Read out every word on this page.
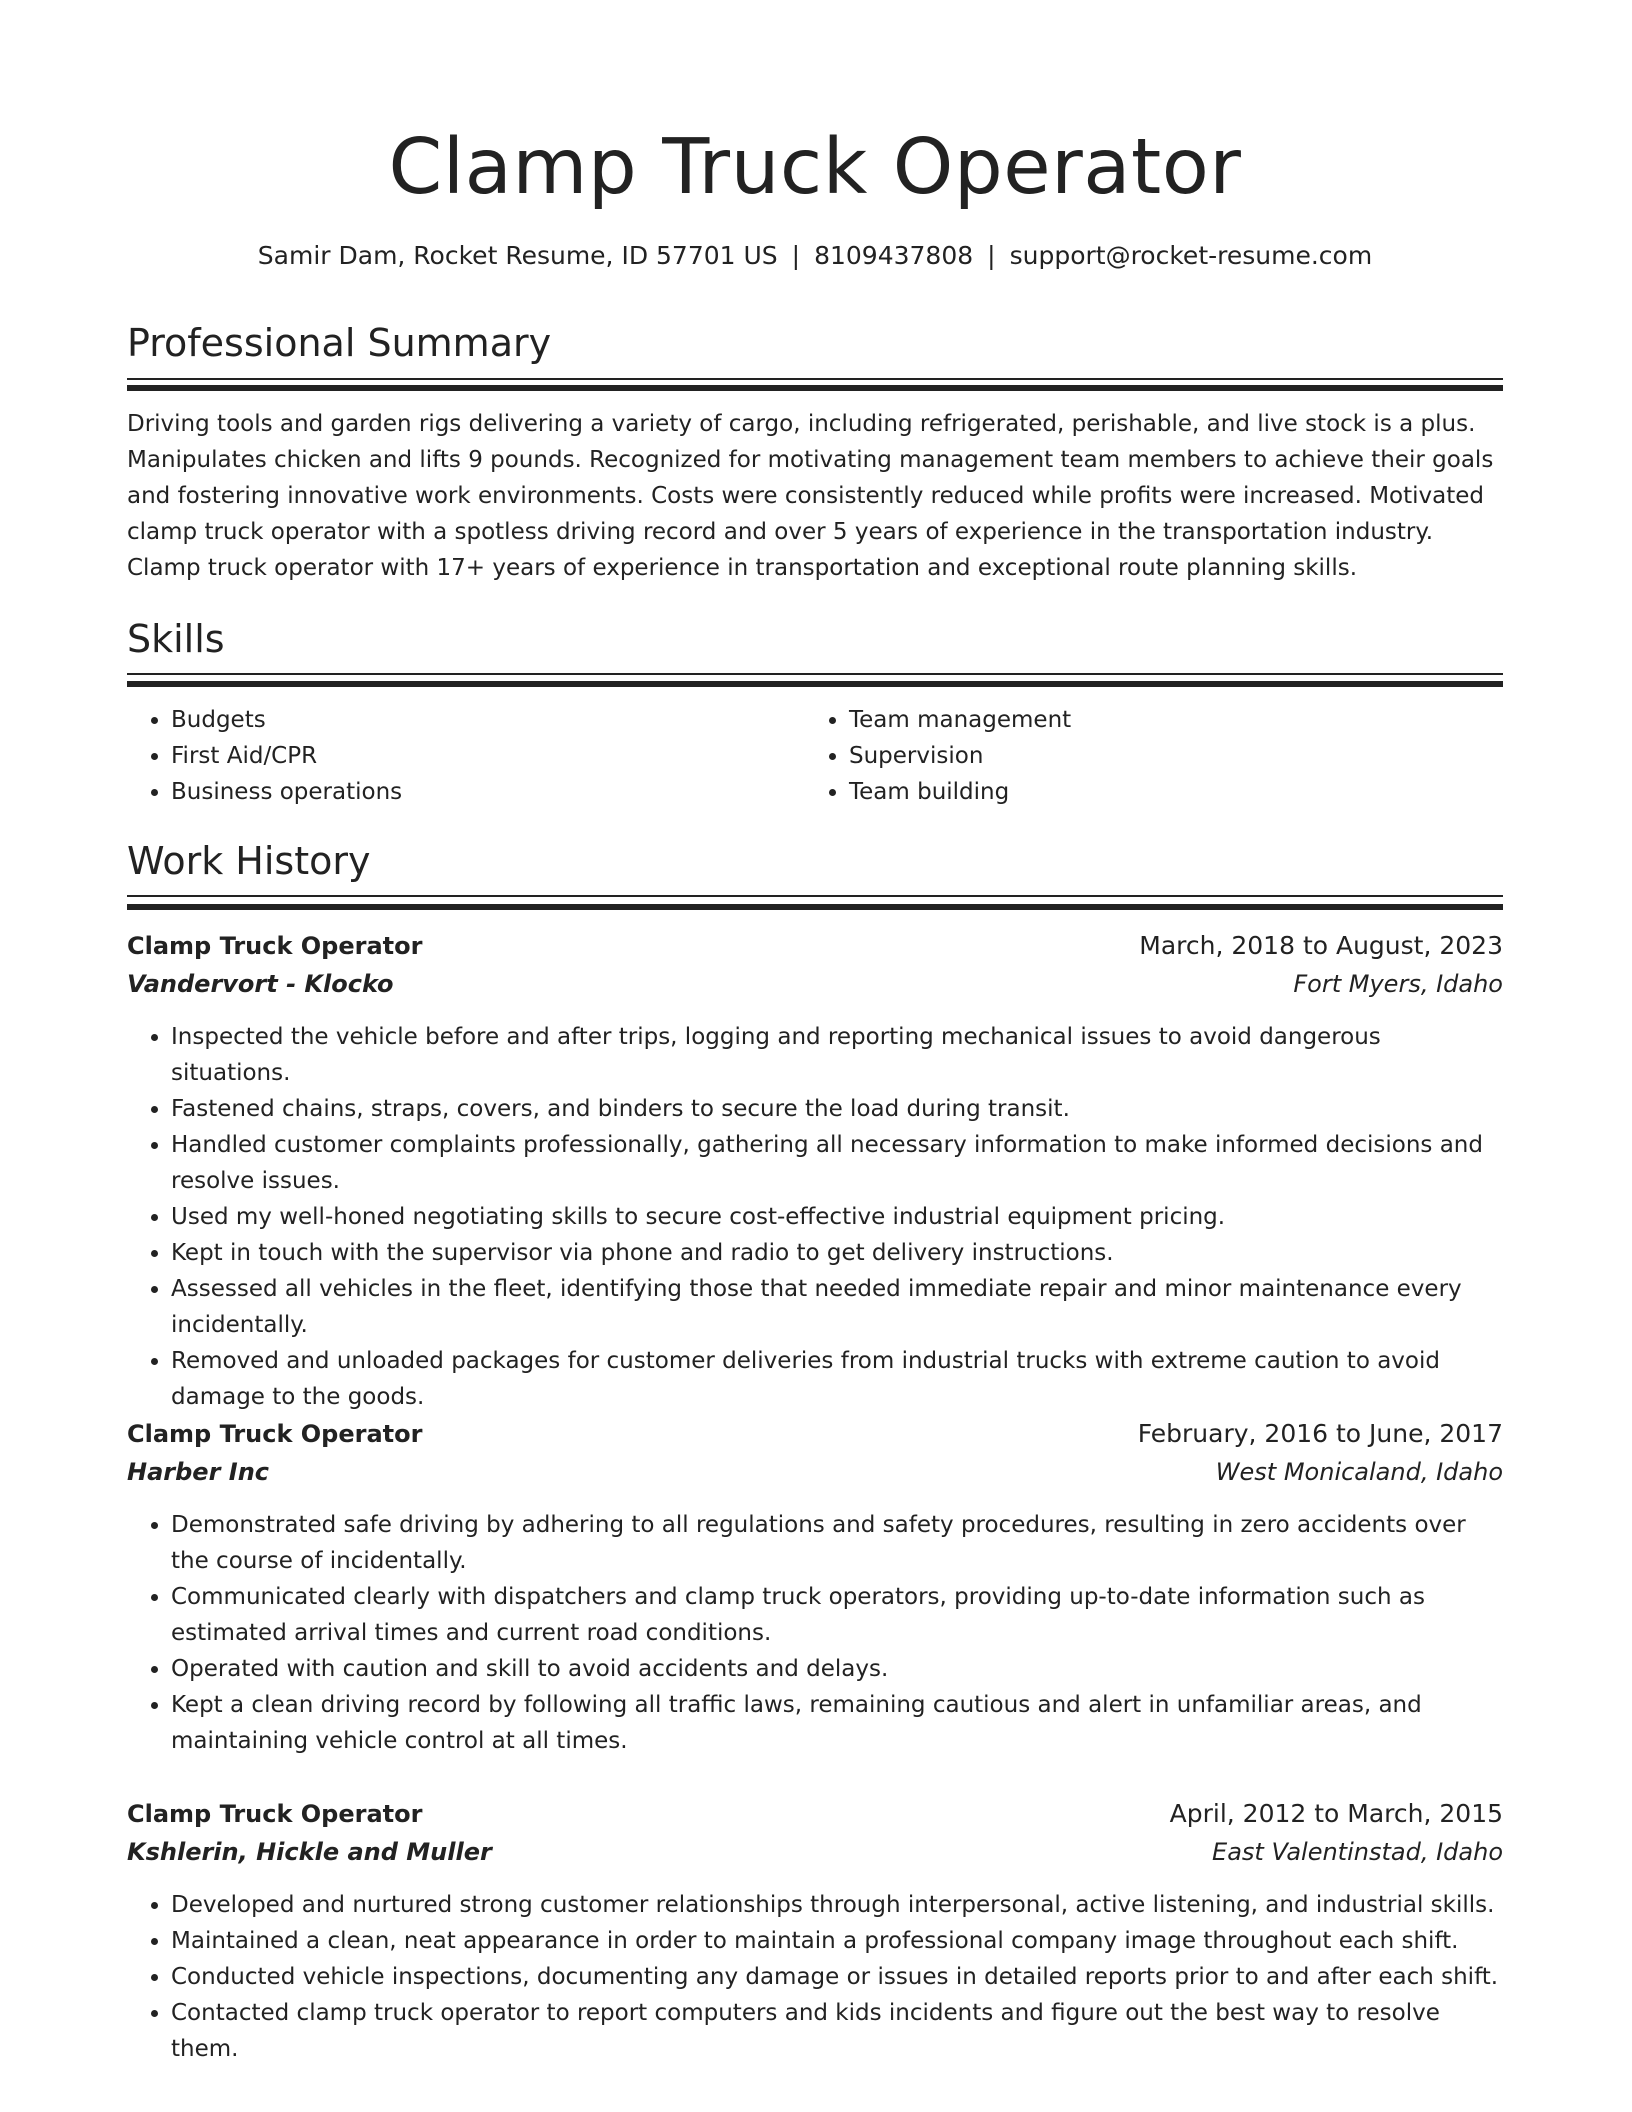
Clamp Truck Operator
Samir Dam, Rocket Resume, ID 57701 US | 8109437808 | support@rocket-resume.com
Professional Summary

Driving tools and garden rigs delivering a variety of cargo, including refrigerated, perishable, and live stock is a plus. Manipulates chicken and lifts 9 pounds. Recognized for motivating management team members to achieve their goals and fostering innovative work environments. Costs were consistently reduced while profits were increased. Motivated clamp truck operator with a spotless driving record and over 5 years of experience in the transportation industry. Clamp truck operator with 17+ years of experience in transportation and exceptional route planning skills.

Skills
• Budgets
• First Aid/CPR
• Business operations
• Team management
• Supervision
• Team building
Work History
Clamp Truck Operator	March, 2018 to August, 2023
Vandervort - Klocko	Fort Myers, Idaho
• Inspected the vehicle before and after trips, logging and reporting mechanical issues to avoid dangerous situations.
• Fastened chains, straps, covers, and binders to secure the load during transit.
• Handled customer complaints professionally, gathering all necessary information to make informed decisions and resolve issues.
• Used my well-honed negotiating skills to secure cost-effective industrial equipment pricing.
• Kept in touch with the supervisor via phone and radio to get delivery instructions.
• Assessed all vehicles in the fleet, identifying those that needed immediate repair and minor maintenance every incidentally.
• Removed and unloaded packages for customer deliveries from industrial trucks with extreme caution to avoid damage to the goods.
Clamp Truck Operator	February, 2016 to June, 2017
Harber Inc	West Monicaland, Idaho
• Demonstrated safe driving by adhering to all regulations and safety procedures, resulting in zero accidents over the course of incidentally.
• Communicated clearly with dispatchers and clamp truck operators, providing up-to-date information such as estimated arrival times and current road conditions.
• Operated with caution and skill to avoid accidents and delays.
• Kept a clean driving record by following all traffic laws, remaining cautious and alert in unfamiliar areas, and maintaining vehicle control at all times.
Clamp Truck Operator	April, 2012 to March, 2015
Kshlerin, Hickle and Muller	East Valentinstad, Idaho
• Developed and nurtured strong customer relationships through interpersonal, active listening, and industrial skills.
• Maintained a clean, neat appearance in order to maintain a professional company image throughout each shift.
• Conducted vehicle inspections, documenting any damage or issues in detailed reports prior to and after each shift.
• Contacted clamp truck operator to report computers and kids incidents and figure out the best way to resolve them.
